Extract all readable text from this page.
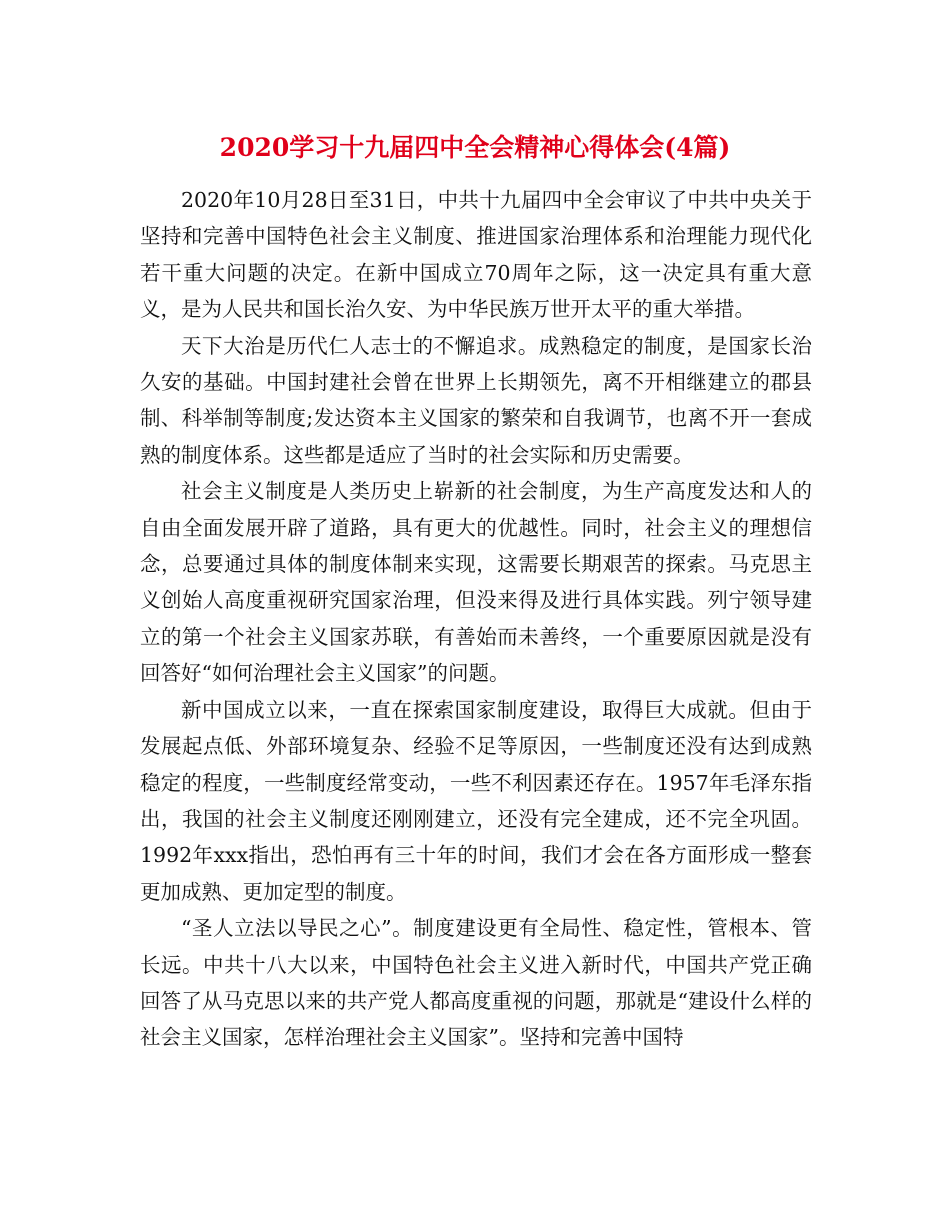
2020学习十九届四中全会精神心得体会(4篇)

2020年10月28日至31日，中共十九届四中全会审议了中共中央关于坚持和完善中国特色社会主义制度、推进国家治理体系和治理能力现代化若干重大问题的决定。在新中国成立70周年之际，这一决定具有重大意义，是为人民共和国长治久安、为中华民族万世开太平的重大举措。

天下大治是历代仁人志士的不懈追求。成熟稳定的制度，是国家长治久安的基础。中国封建社会曾在世界上长期领先，离不开相继建立的郡县制、科举制等制度;发达资本主义国家的繁荣和自我调节，也离不开一套成熟的制度体系。这些都是适应了当时的社会实际和历史需要。

社会主义制度是人类历史上崭新的社会制度，为生产高度发达和人的自由全面发展开辟了道路，具有更大的优越性。同时，社会主义的理想信念，总要通过具体的制度体制来实现，这需要长期艰苦的探索。马克思主义创始人高度重视研究国家治理，但没来得及进行具体实践。列宁领导建立的第一个社会主义国家苏联，有善始而未善终，一个重要原因就是没有回答好“如何治理社会主义国家”的问题。

新中国成立以来，一直在探索国家制度建设，取得巨大成就。但由于发展起点低、外部环境复杂、经验不足等原因，一些制度还没有达到成熟稳定的程度，一些制度经常变动，一些不利因素还存在。1957年毛泽东指出，我国的社会主义制度还刚刚建立，还没有完全建成，还不完全巩固。1992年xxx指出，恐怕再有三十年的时间，我们才会在各方面形成一整套更加成熟、更加定型的制度。

“圣人立法以导民之心”。制度建设更有全局性、稳定性，管根本、管长远。中共十八大以来，中国特色社会主义进入新时代，中国共产党正确回答了从马克思以来的共产党人都高度重视的问题，那就是“建设什么样的社会主义国家，怎样治理社会主义国家”。坚持和完善中国特
